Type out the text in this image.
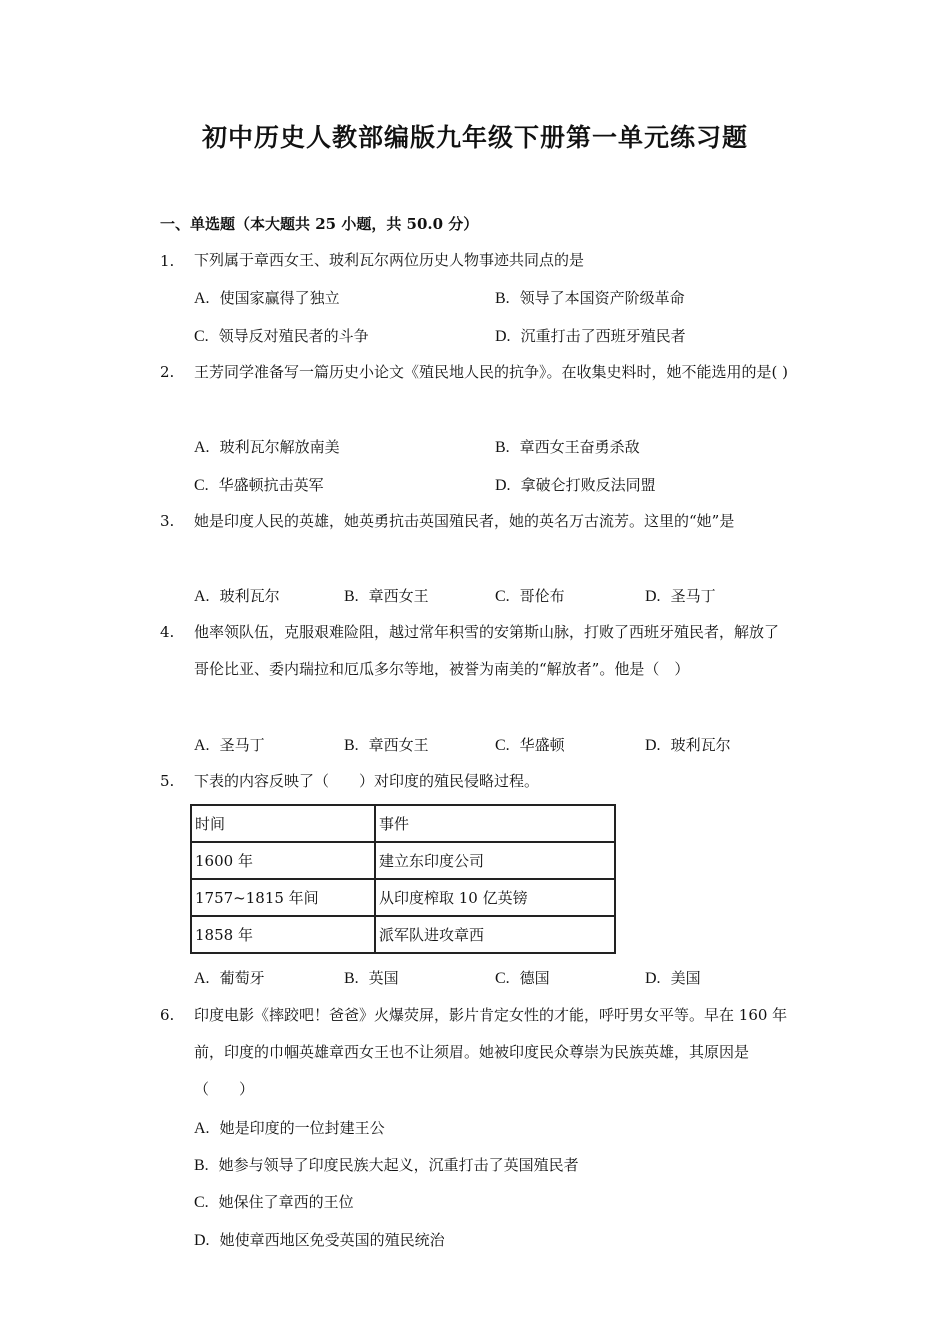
初中历史人教部编版九年级下册第一单元练习题
一、单选题（本大题共 25 小题，共 50.0 分）
1. 下列属于章西女王、玻利瓦尔两位历史人物事迹共同点的是
A. 使国家赢得了独立	B. 领导了本国资产阶级革命
C. 领导反对殖民者的斗争	D. 沉重打击了西班牙殖民者
2. 王芳同学准备写一篇历史小论文《殖民地人民的抗争》。在收集史料时，她不能选用的是( )
A. 玻利瓦尔解放南美	B. 章西女王奋勇杀敌
C. 华盛顿抗击英军	D. 拿破仑打败反法同盟
3. 她是印度人民的英雄，她英勇抗击英国殖民者，她的英名万古流芳。这里的“她”是
A. 玻利瓦尔	B. 章西女王	C. 哥伦布	D. 圣马丁
4. 他率领队伍，克服艰难险阻，越过常年积雪的安第斯山脉，打败了西班牙殖民者，解放了哥伦比亚、委内瑞拉和厄瓜多尔等地，被誉为南美的“解放者”。他是（　）
A. 圣马丁	B. 章西女王	C. 华盛顿	D. 玻利瓦尔
5. 下表的内容反映了（　　）对印度的殖民侵略过程。
时间	事件
1600 年	建立东印度公司
1757~1815 年间	从印度榨取 10 亿英镑
1858 年	派军队进攻章西
A. 葡萄牙	B. 英国	C. 德国	D. 美国
6. 印度电影《摔跤吧！爸爸》火爆荧屏，影片肯定女性的才能，呼吁男女平等。早在 160 年前，印度的巾帼英雄章西女王也不让须眉。她被印度民众尊崇为民族英雄，其原因是（　　）
A. 她是印度的一位封建王公
B. 她参与领导了印度民族大起义，沉重打击了英国殖民者
C. 她保住了章西的王位
D. 她使章西地区免受英国的殖民统治
